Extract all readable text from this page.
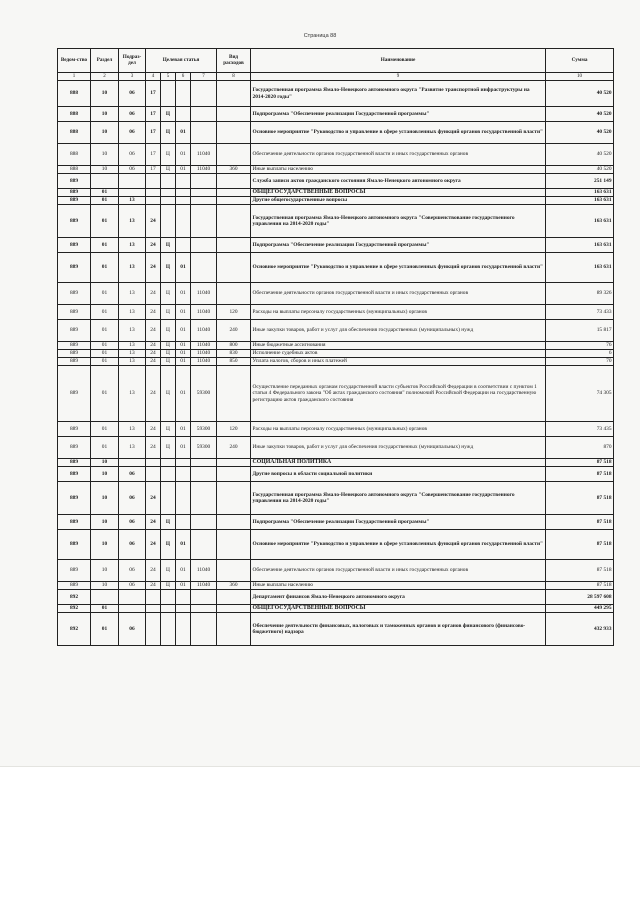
Страница 88
Ведом-ство	Раздел	Подраз-дел	Целевая статья				Вид расходов	Наименование	Сумма

1	2	3	4	5	6	7	8	9	10
888	10	06	17					Государственная программа Ямало-Ненецкого автономного округа "Развитие транспортной инфраструктуры на 2014-2020 годы"	40 520
888	10	06	17	Ц				Подпрограмма "Обеспечение реализации Государственной программы"	40 520
888	10	06	17	Ц	01			Основное мероприятие "Руководство и управление в сфере установленных функций органов государственной власти"	40 520
888	10	06	17	Ц	01	11040		Обеспечение деятельности органов государственной власти и иных государственных органов	40 520
888	10	06	17	Ц	01	11040	360	Иные выплаты населению	40 520
889								Служба записи актов гражданского состояния Ямало-Ненецкого автономного округа	251 149
889	01							ОБЩЕГОСУДАРСТВЕННЫЕ ВОПРОСЫ	163 631
889	01	13						Другие общегосударственные вопросы	163 631
889	01	13	24					Государственная программа Ямало-Ненецкого автономного округа "Совершенствование государственного управления на 2014-2020 годы"	163 631
889	01	13	24	Ц				Подпрограмма "Обеспечение реализации Государственной программы"	163 631
889	01	13	24	Ц	01			Основное мероприятие "Руководство и управление в сфере установленных функций органов государственной власти"	163 631
889	01	13	24	Ц	01	11040		Обеспечение деятельности органов государственной власти и иных государственных органов	89 326
889	01	13	24	Ц	01	11040	120	Расходы на выплаты персоналу государственных (муниципальных) органов	73 433
889	01	13	24	Ц	01	11040	240	Иные закупки товаров, работ и услуг для обеспечения государственных (муниципальных) нужд	15 817
889	01	13	24	Ц	01	11040	800	Иные бюджетные ассигнования	76
889	01	13	24	Ц	01	11040	830	Исполнение судебных актов	6
889	01	13	24	Ц	01	11040	850	Уплата налогов, сборов и иных платежей	70
889	01	13	24	Ц	01	59300		Осуществление переданных органам государственной власти субъектов Российской Федерации в соответствии с пунктом 1 статьи 4 Федерального закона "Об актах гражданского состояния" полномочий Российской Федерации на государственную регистрацию актов гражданского состояния	74 305
889	01	13	24	Ц	01	59300	120	Расходы на выплаты персоналу государственных (муниципальных) органов	73 435
889	01	13	24	Ц	01	59300	240	Иные закупки товаров, работ и услуг для обеспечения государственных (муниципальных) нужд	870
889	10							СОЦИАЛЬНАЯ ПОЛИТИКА	87 518
889	10	06						Другие вопросы в области социальной политики	87 518
889	10	06	24					Государственная программа Ямало-Ненецкого автономного округа "Совершенствование государственного управления на 2014-2020 годы"	87 518
889	10	06	24	Ц				Подпрограмма "Обеспечение реализации Государственной программы"	87 518
889	10	06	24	Ц	01			Основное мероприятие "Руководство и управление в сфере установленных функций органов государственной власти"	87 518
889	10	06	24	Ц	01	11040		Обеспечение деятельности органов государственной власти и иных государственных органов	87 518
889	10	06	24	Ц	01	11040	360	Иные выплаты населению	87 518
892								Департамент финансов Ямало-Ненецкого автономного округа	28 597 608
892	01							ОБЩЕГОСУДАРСТВЕННЫЕ ВОПРОСЫ	449 295
892	01	06						Обеспечение деятельности финансовых, налоговых и таможенных органов и органов финансового (финансово-бюджетного) надзора	432 933
